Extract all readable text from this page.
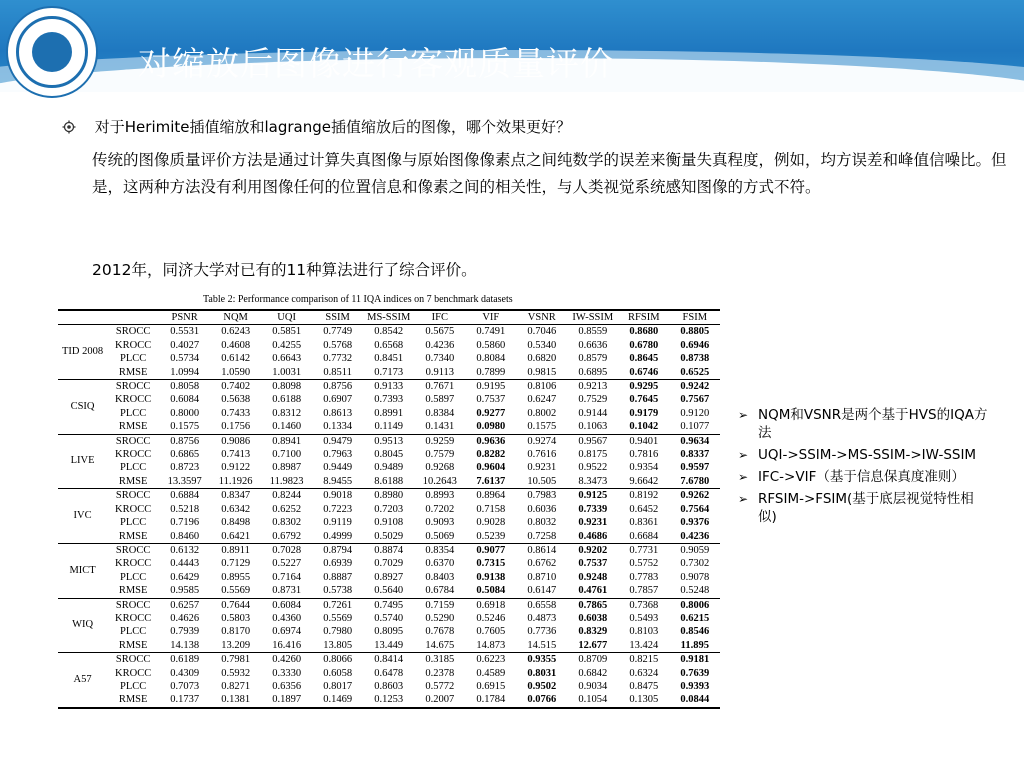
对缩放后图像进行客观质量评价
对于Herimite插值缩放和lagrange插值缩放后的图像，哪个效果更好？
传统的图像质量评价方法是通过计算失真图像与原始图像像素点之间纯数学的误差来衡量失真程度，例如，均方误差和峰值信噪比。但是，这两种方法没有利用图像任何的位置信息和像素之间的相关性，与人类视觉系统感知图像的方式不符。
2012年，同济大学对已有的11种算法进行了综合评价。
Table 2: Performance comparison of 11 IQA indices on 7 benchmark datasets
		PSNR	NQM	UQI	SSIM	MS-SSIM	IFC	VIF	VSNR	IW-SSIM	RFSIM	FSIM
TID 2008	SROCC	0.5531	0.6243	0.5851	0.7749	0.8542	0.5675	0.7491	0.7046	0.8559	0.8680	0.8805
	KROCC	0.4027	0.4608	0.4255	0.5768	0.6568	0.4236	0.5860	0.5340	0.6636	0.6780	0.6946
	PLCC	0.5734	0.6142	0.6643	0.7732	0.8451	0.7340	0.8084	0.6820	0.8579	0.8645	0.8738
	RMSE	1.0994	1.0590	1.0031	0.8511	0.7173	0.9113	0.7899	0.9815	0.6895	0.6746	0.6525
CSIQ	SROCC	0.8058	0.7402	0.8098	0.8756	0.9133	0.7671	0.9195	0.8106	0.9213	0.9295	0.9242
	KROCC	0.6084	0.5638	0.6188	0.6907	0.7393	0.5897	0.7537	0.6247	0.7529	0.7645	0.7567
	PLCC	0.8000	0.7433	0.8312	0.8613	0.8991	0.8384	0.9277	0.8002	0.9144	0.9179	0.9120
	RMSE	0.1575	0.1756	0.1460	0.1334	0.1149	0.1431	0.0980	0.1575	0.1063	0.1042	0.1077
LIVE	SROCC	0.8756	0.9086	0.8941	0.9479	0.9513	0.9259	0.9636	0.9274	0.9567	0.9401	0.9634
	KROCC	0.6865	0.7413	0.7100	0.7963	0.8045	0.7579	0.8282	0.7616	0.8175	0.7816	0.8337
	PLCC	0.8723	0.9122	0.8987	0.9449	0.9489	0.9268	0.9604	0.9231	0.9522	0.9354	0.9597
	RMSE	13.3597	11.1926	11.9823	8.9455	8.6188	10.2643	7.6137	10.505	8.3473	9.6642	7.6780
IVC	SROCC	0.6884	0.8347	0.8244	0.9018	0.8980	0.8993	0.8964	0.7983	0.9125	0.8192	0.9262
	KROCC	0.5218	0.6342	0.6252	0.7223	0.7203	0.7202	0.7158	0.6036	0.7339	0.6452	0.7564
	PLCC	0.7196	0.8498	0.8302	0.9119	0.9108	0.9093	0.9028	0.8032	0.9231	0.8361	0.9376
	RMSE	0.8460	0.6421	0.6792	0.4999	0.5029	0.5069	0.5239	0.7258	0.4686	0.6684	0.4236
MICT	SROCC	0.6132	0.8911	0.7028	0.8794	0.8874	0.8354	0.9077	0.8614	0.9202	0.7731	0.9059
	KROCC	0.4443	0.7129	0.5227	0.6939	0.7029	0.6370	0.7315	0.6762	0.7537	0.5752	0.7302
	PLCC	0.6429	0.8955	0.7164	0.8887	0.8927	0.8403	0.9138	0.8710	0.9248	0.7783	0.9078
	RMSE	0.9585	0.5569	0.8731	0.5738	0.5640	0.6784	0.5084	0.6147	0.4761	0.7857	0.5248
WIQ	SROCC	0.6257	0.7644	0.6084	0.7261	0.7495	0.7159	0.6918	0.6558	0.7865	0.7368	0.8006
	KROCC	0.4626	0.5803	0.4360	0.5569	0.5740	0.5290	0.5246	0.4873	0.6038	0.5493	0.6215
	PLCC	0.7939	0.8170	0.6974	0.7980	0.8095	0.7678	0.7605	0.7736	0.8329	0.8103	0.8546
	RMSE	14.138	13.209	16.416	13.805	13.449	14.675	14.873	14.515	12.677	13.424	11.895
A57	SROCC	0.6189	0.7981	0.4260	0.8066	0.8414	0.3185	0.6223	0.9355	0.8709	0.8215	0.9181
	KROCC	0.4309	0.5932	0.3330	0.6058	0.6478	0.2378	0.4589	0.8031	0.6842	0.6324	0.7639
	PLCC	0.7073	0.8271	0.6356	0.8017	0.8603	0.5772	0.6915	0.9502	0.9034	0.8475	0.9393
	RMSE	0.1737	0.1381	0.1897	0.1469	0.1253	0.2007	0.1784	0.0766	0.1054	0.1305	0.0844
➢ NQM和VSNR是两个基于HVS的IQA方法
➢ UQI->SSIM->MS-SSIM->IW-SSIM
➢ IFC->VIF（基于信息保真度准则）
➢ RFSIM->FSIM(基于底层视觉特性相似)
